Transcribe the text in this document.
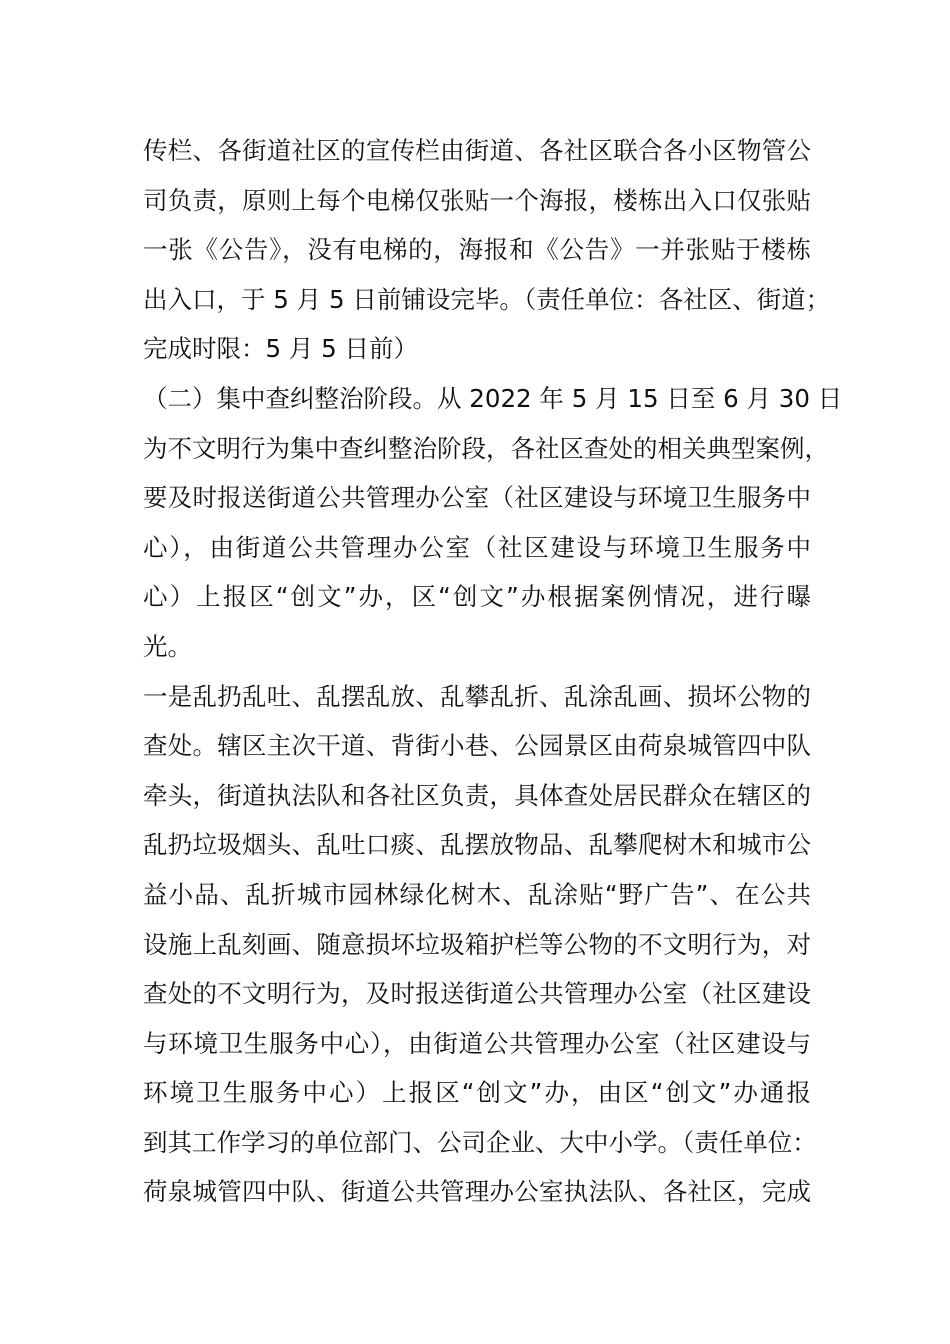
传栏、各街道社区的宣传栏由街道、各社区联合各小区物管公
司负责，原则上每个电梯仅张贴一个海报，楼栋出入口仅张贴
一张《公告》，没有电梯的，海报和《公告》一并张贴于楼栋
出入口，于 5 月 5 日前铺设完毕。（责任单位：各社区、街道；
完成时限：5 月 5 日前）
（二）集中查纠整治阶段。从 2022 年 5 月 15 日至 6 月 30 日
为不文明行为集中查纠整治阶段，各社区查处的相关典型案例，
要及时报送街道公共管理办公室（社区建设与环境卫生服务中
心），由街道公共管理办公室（社区建设与环境卫生服务中
心）上报区“创文”办，区“创文”办根据案例情况，进行曝
光。
一是乱扔乱吐、乱摆乱放、乱攀乱折、乱涂乱画、损坏公物的
查处。辖区主次干道、背街小巷、公园景区由荷泉城管四中队
牵头，街道执法队和各社区负责，具体查处居民群众在辖区的
乱扔垃圾烟头、乱吐口痰、乱摆放物品、乱攀爬树木和城市公
益小品、乱折城市园林绿化树木、乱涂贴“野广告”、在公共
设施上乱刻画、随意损坏垃圾箱护栏等公物的不文明行为，对
查处的不文明行为，及时报送街道公共管理办公室（社区建设
与环境卫生服务中心），由街道公共管理办公室（社区建设与
环境卫生服务中心）上报区“创文”办，由区“创文”办通报
到其工作学习的单位部门、公司企业、大中小学。（责任单位：
荷泉城管四中队、街道公共管理办公室执法队、各社区，完成
